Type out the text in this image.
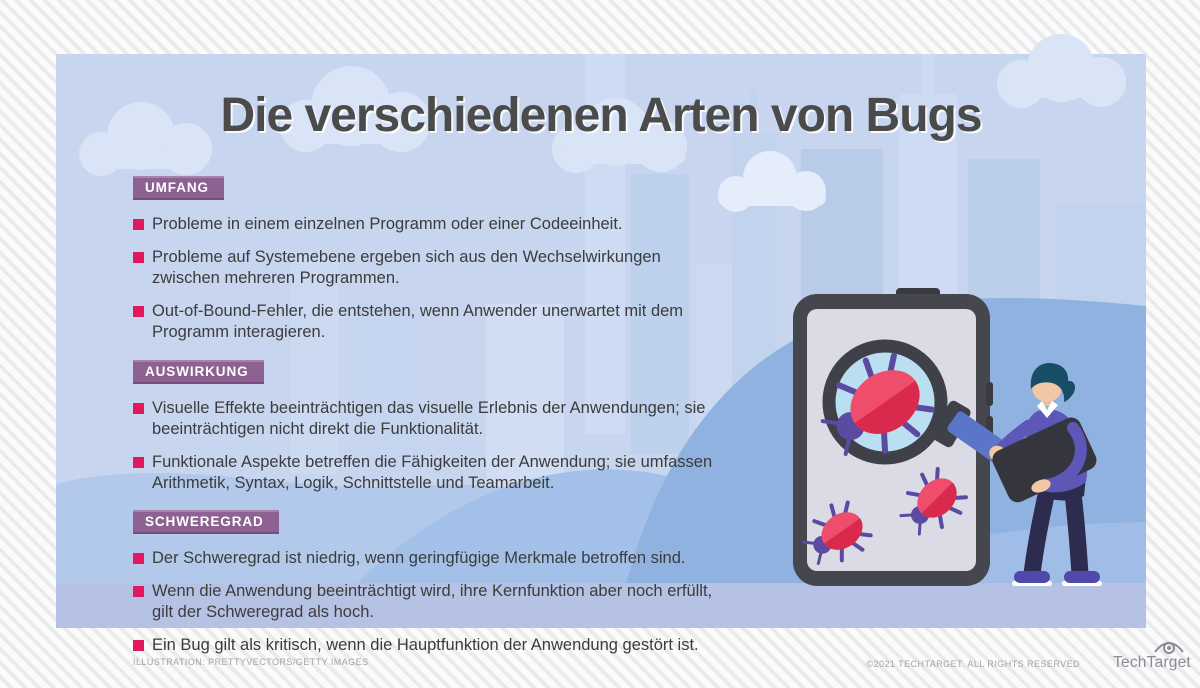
Die verschiedenen Arten von Bugs
UMFANG
Probleme in einem einzelnen Programm oder einer Codeeinheit.
Probleme auf Systemebene ergeben sich aus den Wechselwirkungen zwischen mehreren Programmen.
Out-of-Bound-Fehler, die entstehen, wenn Anwender unerwartet mit dem Programm interagieren.
AUSWIRKUNG
Visuelle Effekte beeinträchtigen das visuelle Erlebnis der Anwendungen; sie beeinträchtigen nicht direkt die Funktionalität.
Funktionale Aspekte betreffen die Fähigkeiten der Anwendung; sie umfassen Arithmetik, Syntax, Logik, Schnittstelle und Teamarbeit.
SCHWEREGRAD
Der Schweregrad ist niedrig, wenn geringfügige Merkmale betroffen sind.
Wenn die Anwendung beeinträchtigt wird, ihre Kernfunktion aber noch erfüllt, gilt der Schweregrad als hoch.
Ein Bug gilt als kritisch, wenn die Hauptfunktion der Anwendung gestört ist.
ILLUSTRATION: PRETTYVECTORS/GETTY IMAGES	©2021 TECHTARGET. ALL RIGHTS RESERVED TechTarget
